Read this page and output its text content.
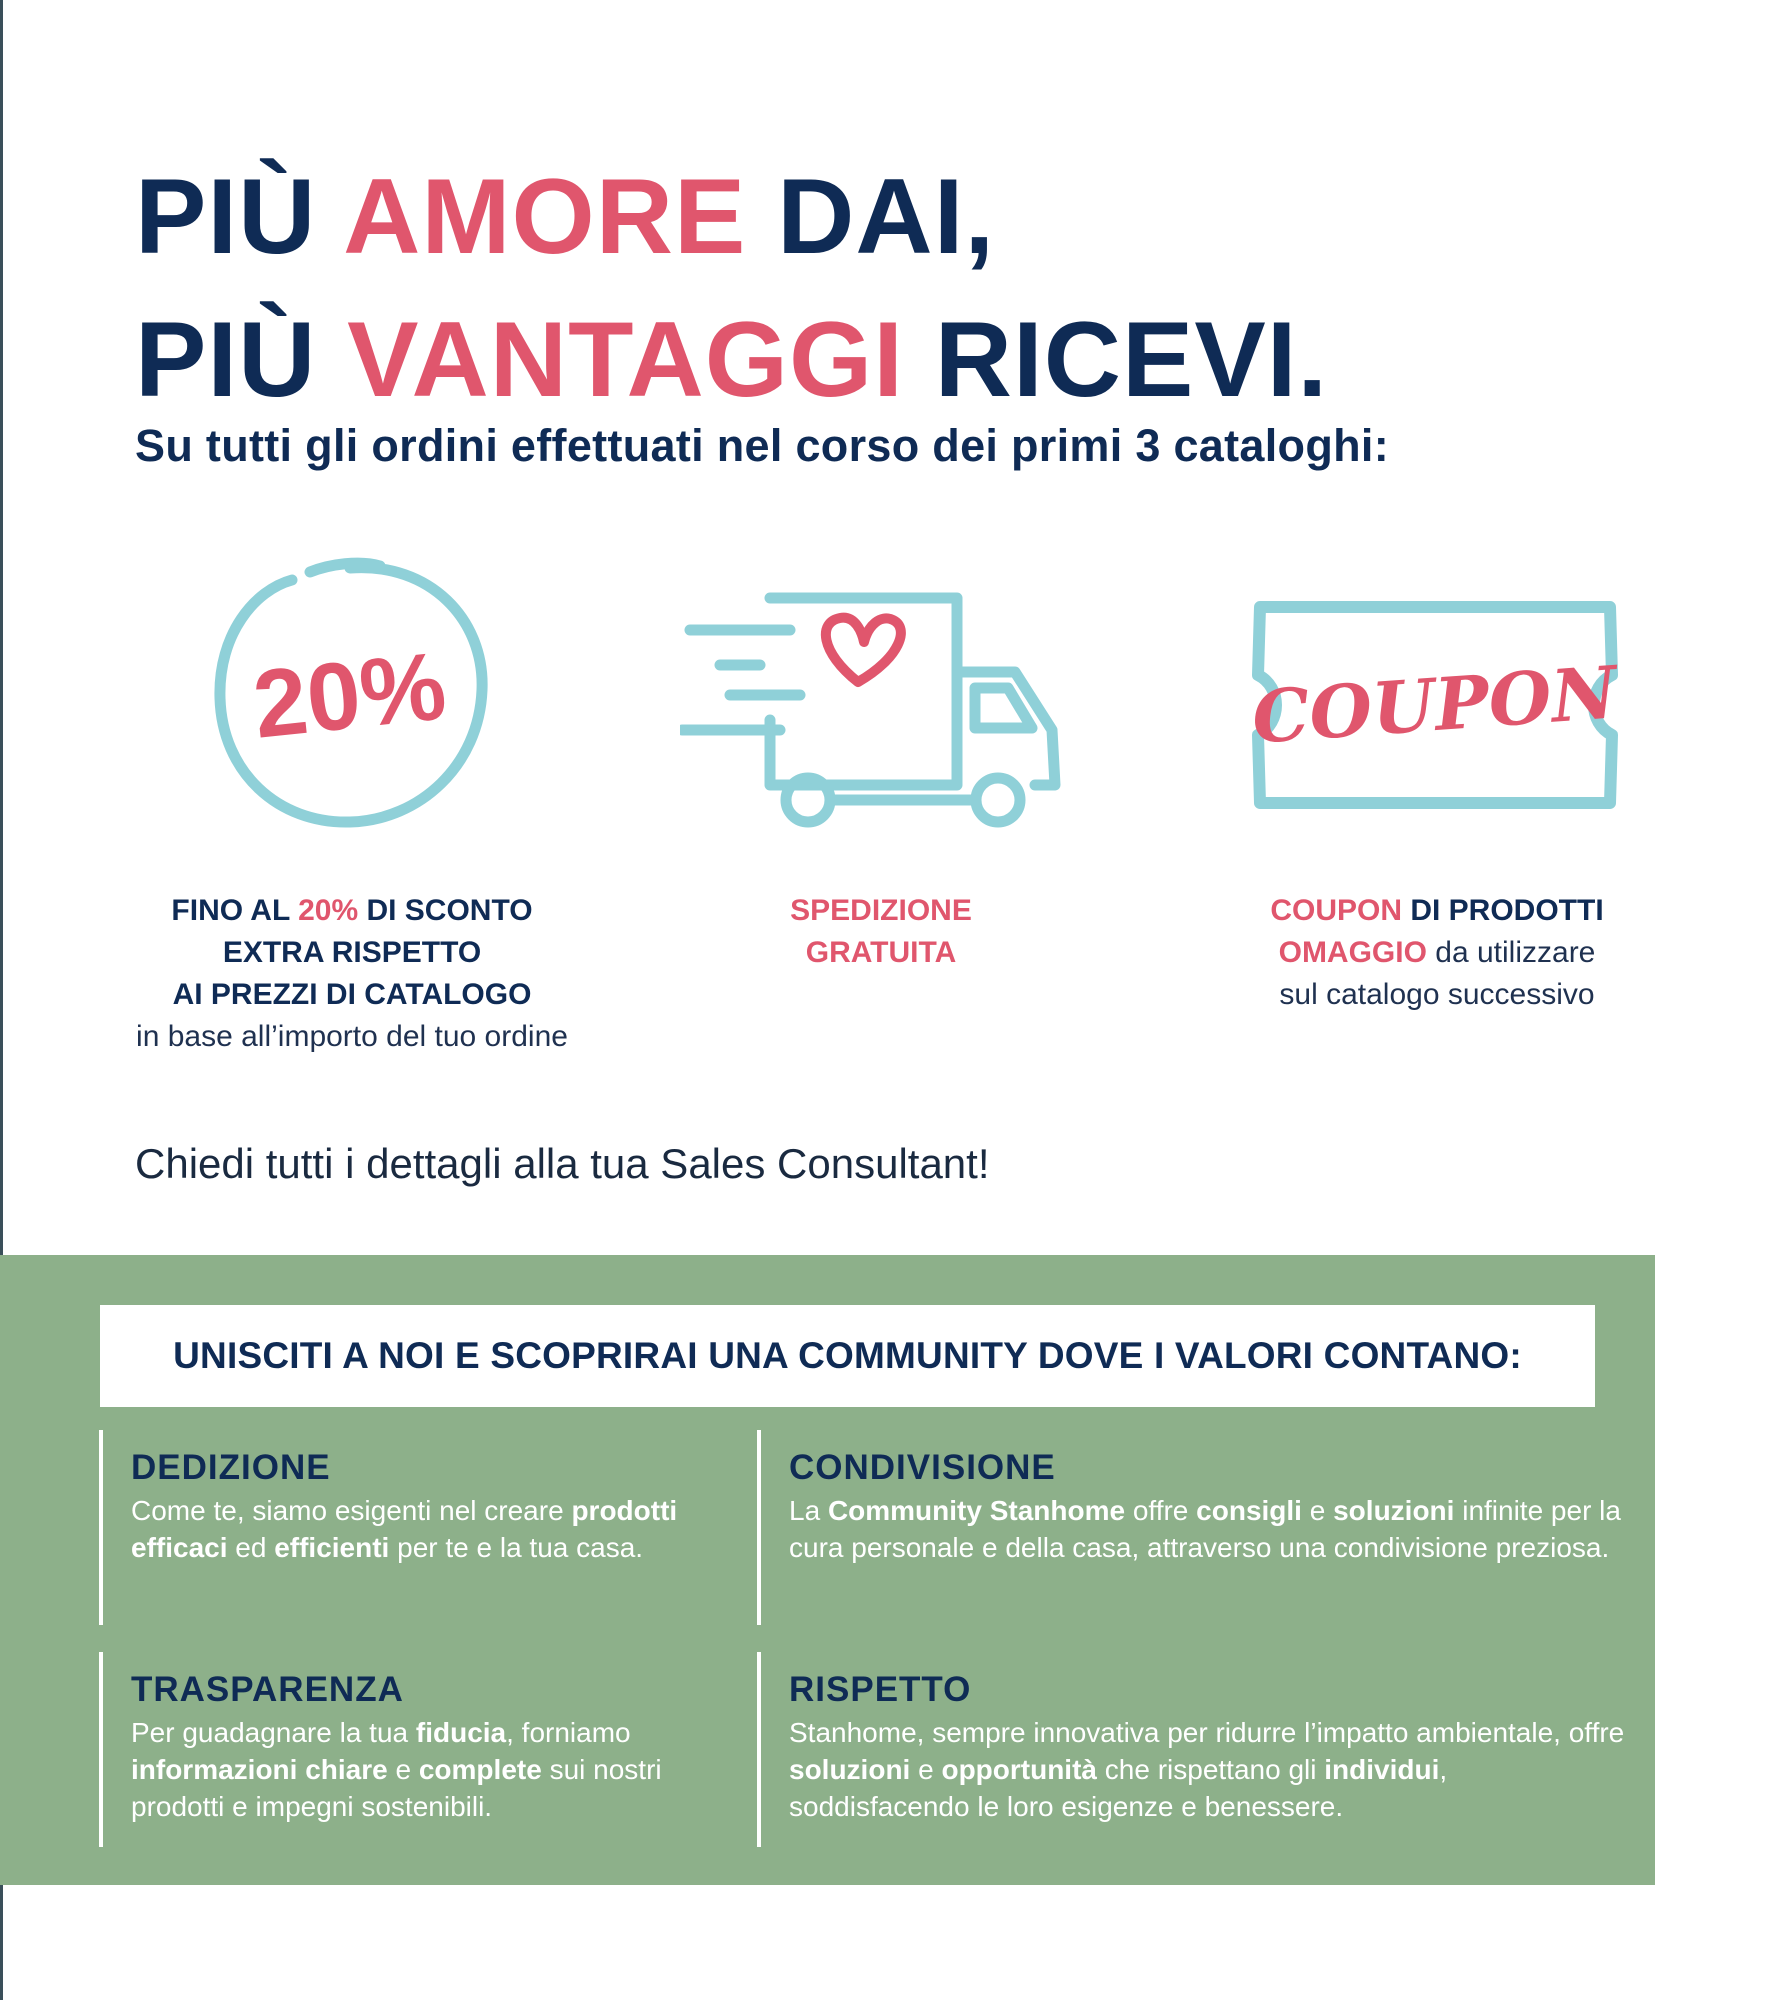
PIÙ AMORE DAI,
PIÙ VANTAGGI RICEVI.

Su tutti gli ordini effettuati nel corso dei primi 3 cataloghi:

20%	COUPON
FINO AL 20% DI SCONTO
EXTRA RISPETTO
AI PREZZI DI CATALOGO
in base all’importo del tuo ordine
SPEDIZIONE
GRATUITA
COUPON DI PRODOTTI
OMAGGIO da utilizzare
sul catalogo successivo

Chiedi tutti i dettagli alla tua Sales Consultant!

UNISCITI A NOI E SCOPRIRAI UNA COMMUNITY DOVE I VALORI CONTANO:
DEDIZIONE

Come te, siamo esigenti nel creare prodotti efficaci ed efficienti per te e la tua casa.

CONDIVISIONE

La Community Stanhome offre consigli e soluzioni infinite per la cura personale e della casa, attraverso una condivisione preziosa.

TRASPARENZA

Per guadagnare la tua fiducia, forniamo informazioni chiare e complete sui nostri prodotti e impegni sostenibili.

RISPETTO

Stanhome, sempre innovativa per ridurre l’impatto ambientale, offre soluzioni e opportunità che rispettano gli individui, soddisfacendo le loro esigenze e benessere.
